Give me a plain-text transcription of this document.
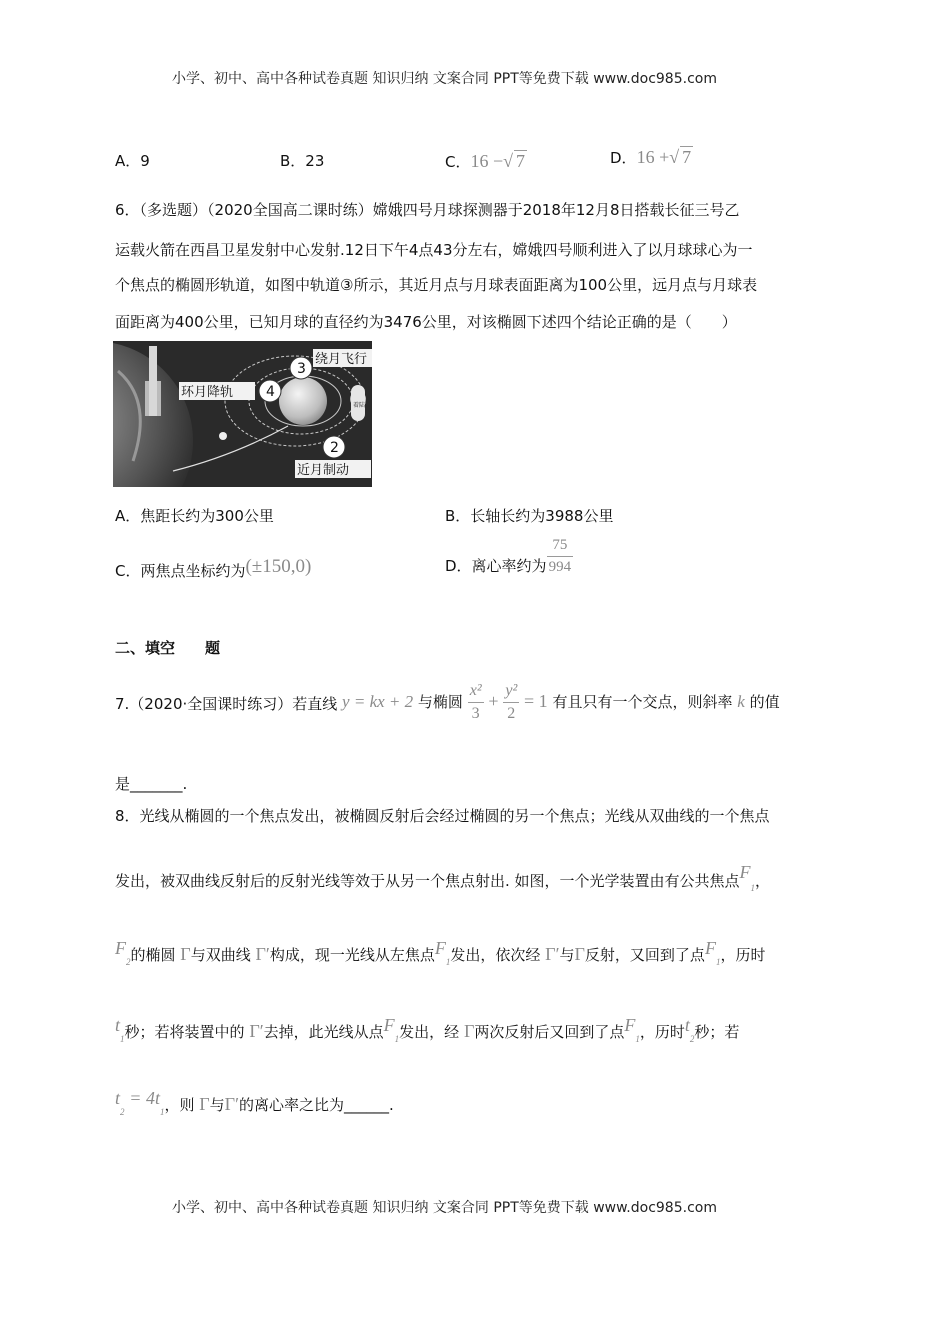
小学、初中、高中各种试卷真题 知识归纳 文案合同 PPT等免费下载 www.doc985.com
小学、初中、高中各种试卷真题 知识归纳 文案合同 PPT等免费下载 www.doc985.com
A．9	B．23	C．16 −√ 7	D．16 +√ 7
6．（多选题）（2020全国高二课时练）嫦娥四号月球探测器于2018年12月8日搭载长征三号乙
运载火箭在西昌卫星发射中心发射.12日下午4点43分左右，嫦娥四号顺利进入了以月球球心为一
个焦点的椭圆形轨道，如图中轨道③所示，其近月点与月球表面距离为100公里，远月点与月球表
面距离为400公里，已知月球的直径约为3476公里，对该椭圆下述四个结论正确的是（　　）
着陆
3
4
2
绕月飞行
环月降轨
近月制动
A．焦距长约为300公里	B．长轴长约为3988公里
C．两焦点坐标约为(±150,0)	D．离心率约为 $\frac{75}{994}$
二、填空　　题
7.（2020·全国课时练习）若直线 y = kx + 2 与椭圆 $\frac{\text{x²}}{3} + \frac{\text{y²}}{2} = 1$ 有且只有一个交点，则斜率 k 的值
是_______.
8．光线从椭圆的一个焦点发出，被椭圆反射后会经过椭圆的另一个焦点；光线从双曲线的一个焦点
发出，被双曲线反射后的反射光线等效于从另一个焦点射出. 如图，一个光学装置由有公共焦点$F_1$，
$F_2$的椭圆 Γ与双曲线 Γ′构成，现一光线从左焦点$F_1$发出，依次经 Γ′与Γ反射，又回到了点$F_1$，历时
$t_1$秒；若将装置中的 Γ′去掉，此光线从点$F_1$发出，经 Γ两次反射后又回到了点$F_1$，历时$t_2$秒；若
$t_2 = 4t_1$，则 Γ与Γ′的离心率之比为______.
